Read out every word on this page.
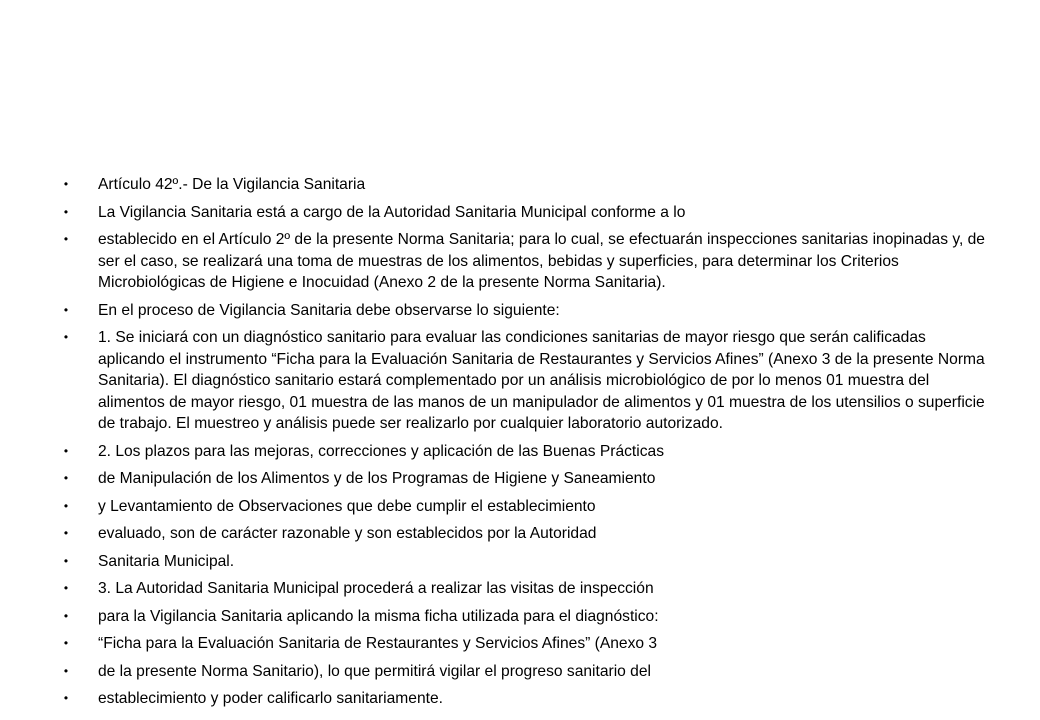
• Artículo 42º.- De la Vigilancia Sanitaria
• La Vigilancia Sanitaria está a cargo de la Autoridad Sanitaria Municipal conforme a lo
• establecido en el Artículo 2º de la presente Norma Sanitaria; para lo cual, se efectuarán inspecciones sanitarias inopinadas y, de ser el caso, se realizará una toma de muestras de los alimentos, bebidas y superficies, para determinar los Criterios Microbiológicas de Higiene e Inocuidad (Anexo 2 de la presente Norma Sanitaria).
• En el proceso de Vigilancia Sanitaria debe observarse lo siguiente:
• 1. Se iniciará con un diagnóstico sanitario para evaluar las condiciones sanitarias de mayor riesgo que serán calificadas aplicando el instrumento “Ficha para la Evaluación Sanitaria de Restaurantes y Servicios Afines” (Anexo 3 de la presente Norma Sanitaria). El diagnóstico sanitario estará complementado por un análisis microbiológico de por lo menos 01 muestra del alimentos de mayor riesgo, 01 muestra de las manos de un manipulador de alimentos y 01 muestra de los utensilios o superficie de trabajo. El muestreo y análisis puede ser realizarlo por cualquier laboratorio autorizado.
• 2. Los plazos para las mejoras, correcciones y aplicación de las Buenas Prácticas
• de Manipulación de los Alimentos y de los Programas de Higiene y Saneamiento
• y Levantamiento de Observaciones que debe cumplir el establecimiento
• evaluado, son de carácter razonable y son establecidos por la Autoridad
• Sanitaria Municipal.
• 3. La Autoridad Sanitaria Municipal procederá a realizar las visitas de inspección
• para la Vigilancia Sanitaria aplicando la misma ficha utilizada para el diagnóstico:
• “Ficha para la Evaluación Sanitaria de Restaurantes y Servicios Afines” (Anexo 3
• de la presente Norma Sanitario), lo que permitirá vigilar el progreso sanitario del
• establecimiento y poder calificarlo sanitariamente.
